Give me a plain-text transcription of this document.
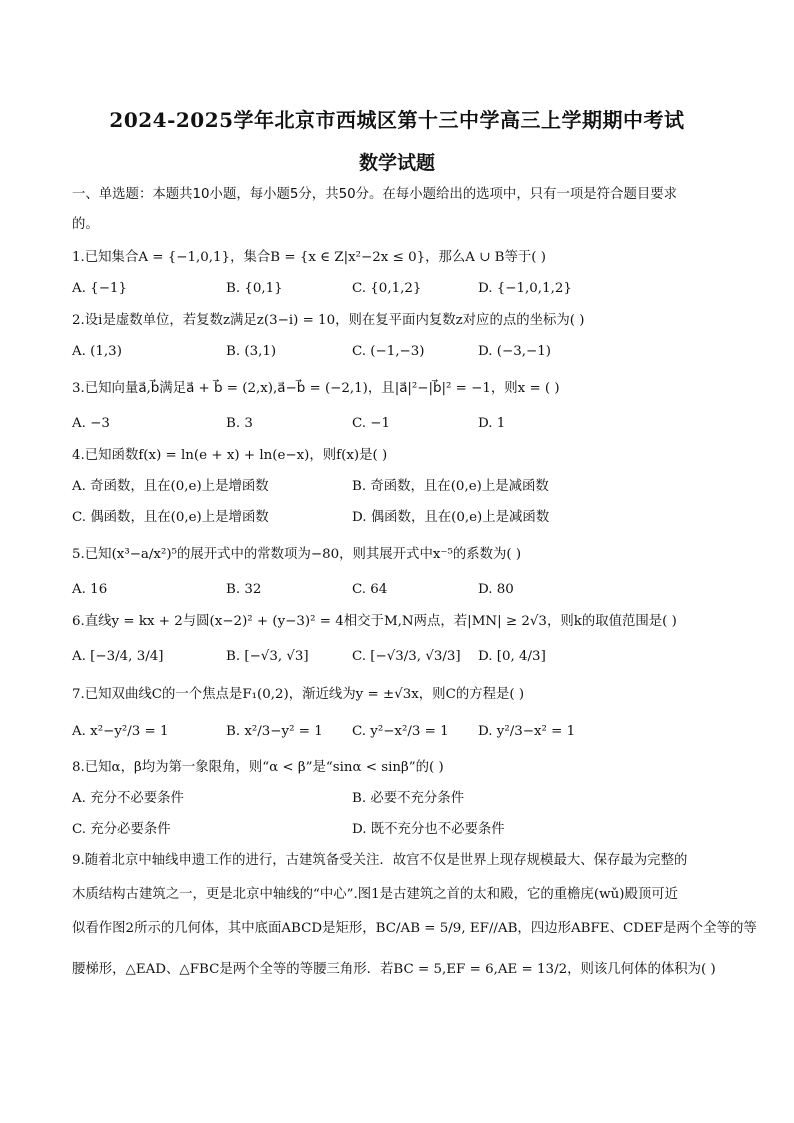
2024-2025学年北京市西城区第十三中学高三上学期期中考试
数学试题
一、单选题：本题共10小题，每小题5分，共50分。在每小题给出的选项中，只有一项是符合题目要求
的。
1.已知集合A = {−1,0,1}，集合B = {x ∈ Z|x²−2x ≤ 0}，那么A ∪ B等于( )
A. {−1}	B. {0,1}	C. {0,1,2}	D. {−1,0,1,2}
2.设i是虚数单位，若复数z满足z(3−i) = 10，则在复平面内复数z对应的点的坐标为( )
A. (1,3)	B. (3,1)	C. (−1,−3)	D. (−3,−1)
3.已知向量a⃗,b⃗满足a⃗ + b⃗ = (2,x),a⃗−b⃗ = (−2,1)，且|a⃗|²−|b⃗|² = −1，则x = ( )
A. −3	B. 3	C. −1	D. 1
4.已知函数f(x) = ln(e + x) + ln(e−x)，则f(x)是( )
A. 奇函数，且在(0,e)上是增函数	B. 奇函数，且在(0,e)上是减函数
C. 偶函数，且在(0,e)上是增函数	D. 偶函数，且在(0,e)上是减函数
5.已知(x³−a/x²)⁵的展开式中的常数项为−80，则其展开式中x⁻⁵的系数为( )
A. 16	B. 32	C. 64	D. 80
6.直线y = kx + 2与圆(x−2)² + (y−3)² = 4相交于M,N两点，若|MN| ≥ 2√3，则k的取值范围是( )
A. [−3/4, 3/4]	B. [−√3, √3]	C. [−√3/3, √3/3] D. [0, 4/3]
7.已知双曲线C的一个焦点是F₁(0,2)，渐近线为y = ±√3x，则C的方程是( )
A. x²−y²/3 = 1	B. x²/3−y² = 1 C. y²−x²/3 = 1 D. y²/3−x² = 1
8.已知α，β均为第一象限角，则“α < β”是“sinα < sinβ”的( )
A. 充分不必要条件	B. 必要不充分条件
C. 充分必要条件	D. 既不充分也不必要条件
9.随着北京中轴线申遗工作的进行，古建筑备受关注．故宫不仅是世界上现存规模最大、保存最为完整的
木质结构古建筑之一，更是北京中轴线的“中心”.图1是古建筑之首的太和殿，它的重檐庑(wǔ)殿顶可近
似看作图2所示的几何体，其中底面ABCD是矩形，BC/AB = 5/9, EF//AB，四边形ABFE、CDEF是两个全等的等
腰梯形，△EAD、△FBC是两个全等的等腰三角形．若BC = 5,EF = 6,AE = 13/2，则该几何体的体积为( )
